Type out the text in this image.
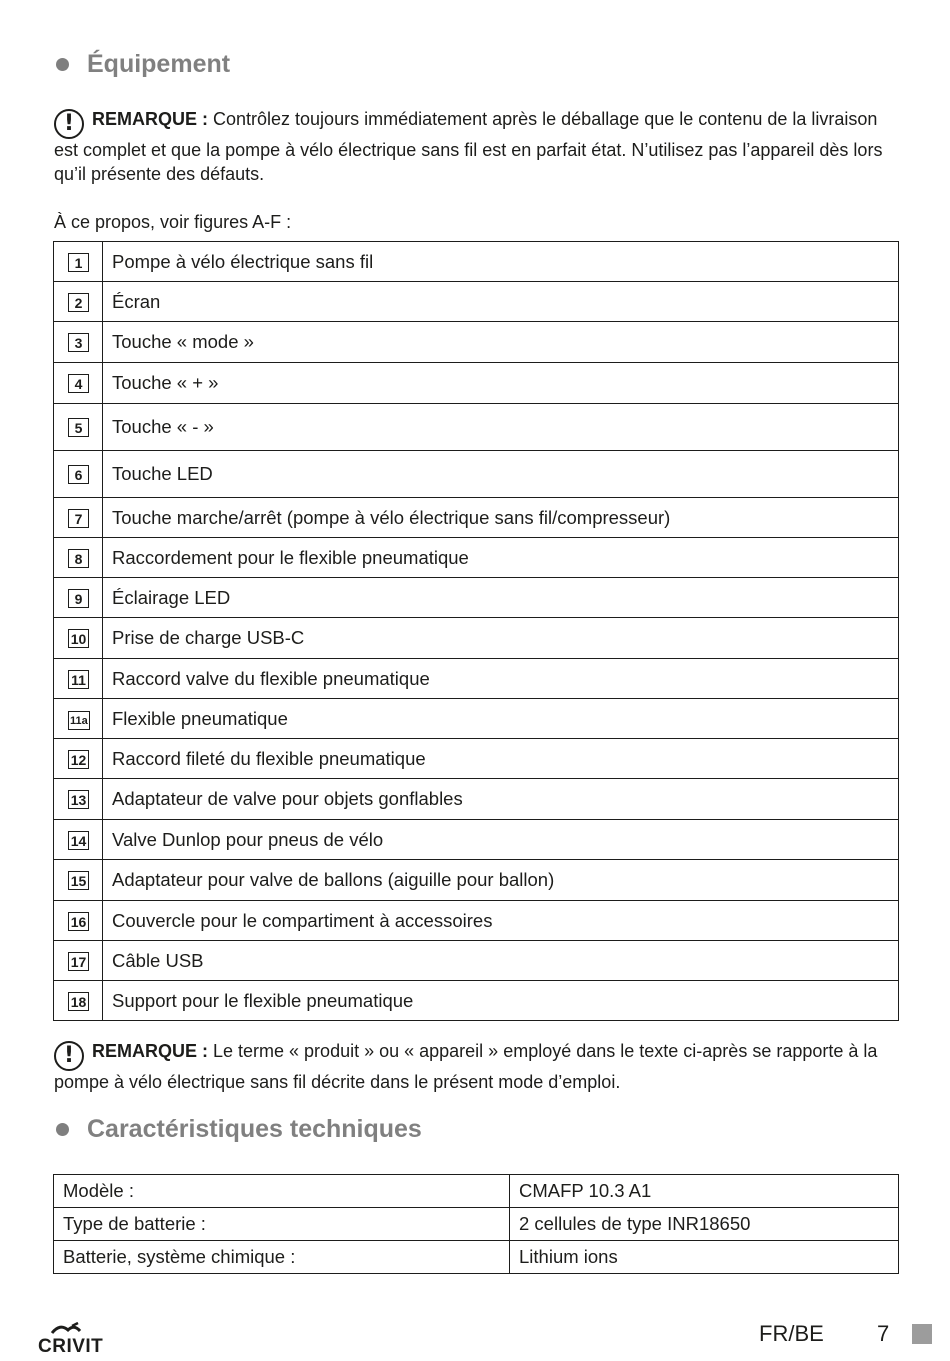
Équipement
! REMARQUE : Contrôlez toujours immédiatement après le déballage que le contenu de la livraison est complet et que la pompe à vélo électrique sans fil est en parfait état. N’utilisez pas l’appareil dès lors qu’il présente des défauts.
À ce propos, voir figures A-F :
1	Pompe à vélo électrique sans fil
2	Écran
3	Touche « mode »
4	Touche « + »
5	Touche « - »
6	Touche LED
7	Touche marche/arrêt (pompe à vélo électrique sans fil/compresseur)
8	Raccordement pour le flexible pneumatique
9	Éclairage LED
10	Prise de charge USB-C
11	Raccord valve du flexible pneumatique
11a	Flexible pneumatique
12	Raccord fileté du flexible pneumatique
13	Adaptateur de valve pour objets gonflables
14	Valve Dunlop pour pneus de vélo
15	Adaptateur pour valve de ballons (aiguille pour ballon)
16	Couvercle pour le compartiment à accessoires
17	Câble USB
18	Support pour le flexible pneumatique
! REMARQUE : Le terme « produit » ou « appareil » employé dans le texte ci-après se rapporte à la pompe à vélo électrique sans fil décrite dans le présent mode d’emploi.
Caractéristiques techniques
Modèle :	CMAFP 10.3 A1
Type de batterie :	2 cellules de type INR18650
Batterie, système chimique :	Lithium ions
CRIVIT
FR/BE 7
